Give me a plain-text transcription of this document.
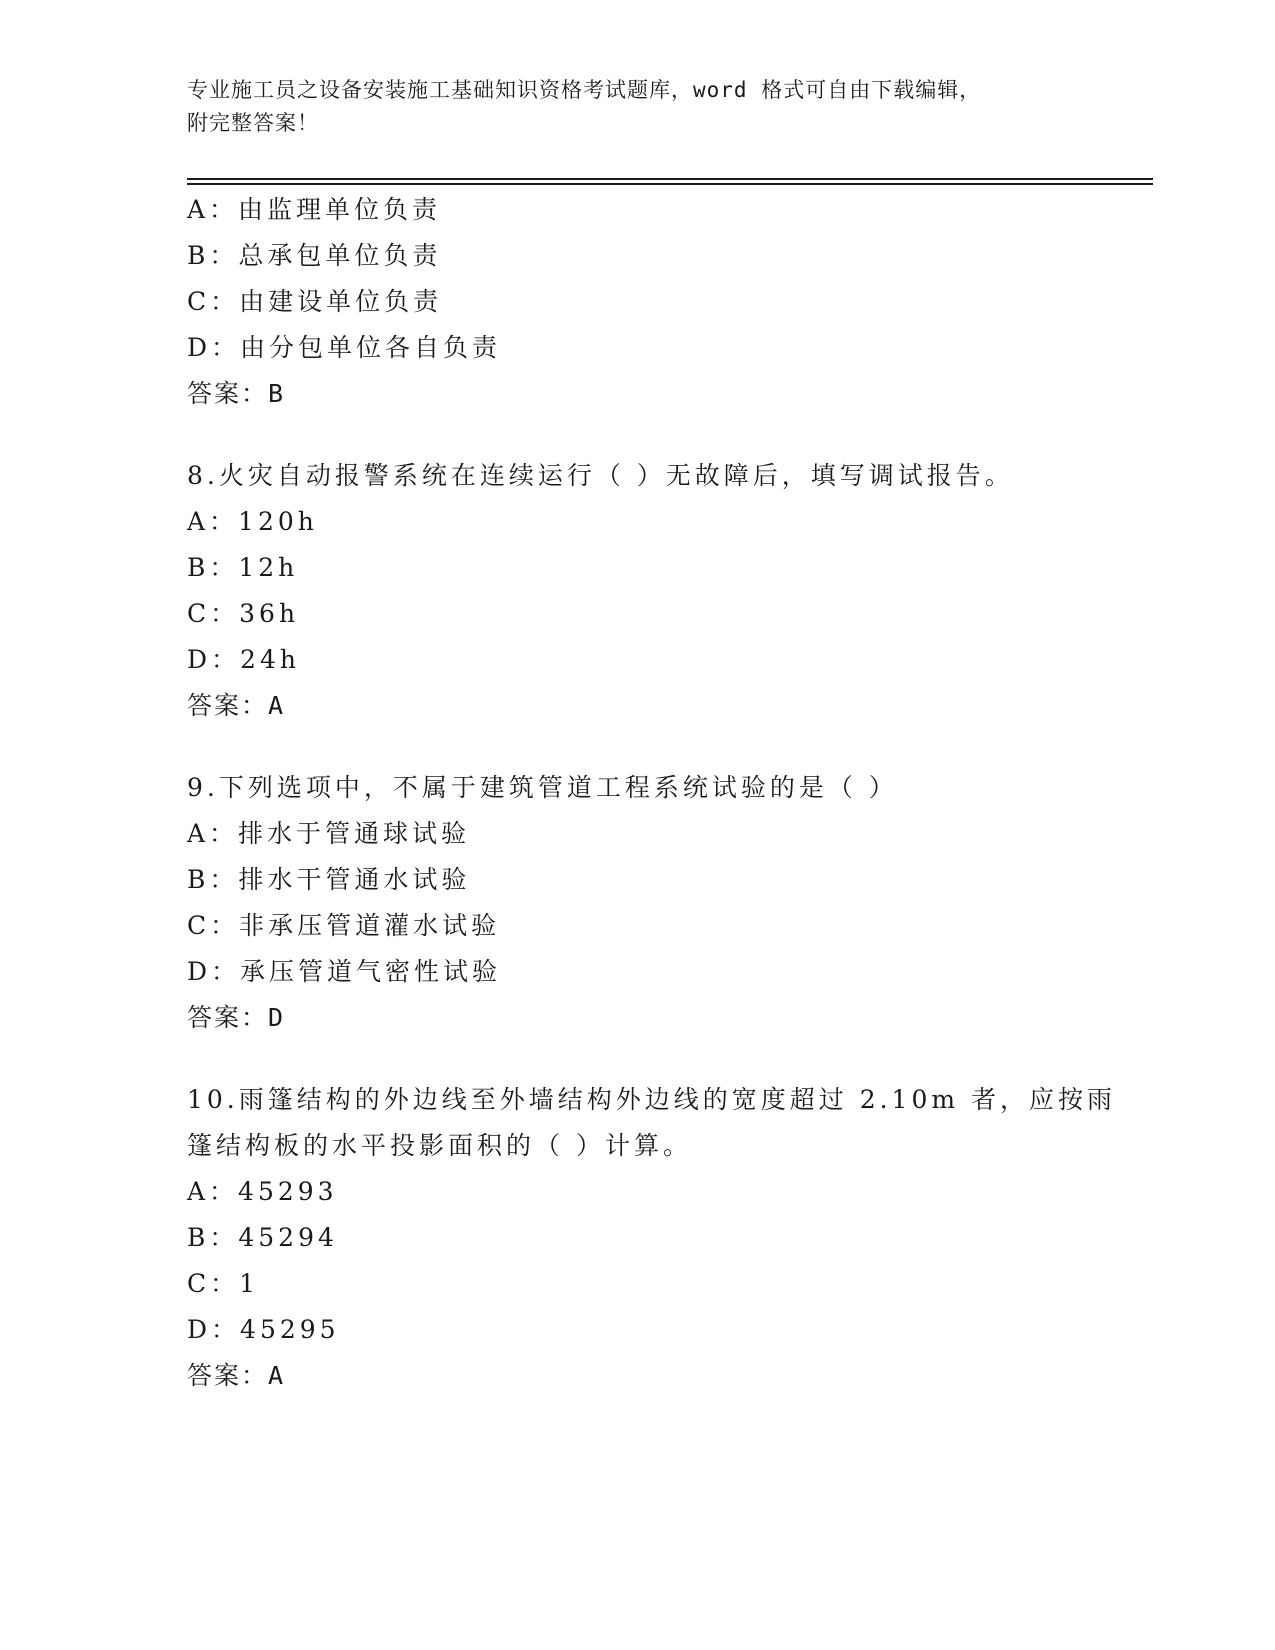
专业施工员之设备安装施工基础知识资格考试题库，word 格式可自由下载编辑，
附完整答案！
A：由监理单位负责
B：总承包单位负责
C：由建设单位负责
D：由分包单位各自负责
答案：B
8.火灾自动报警系统在连续运行（ ）无故障后，填写调试报告。
A：120h
B：12h
C：36h
D：24h
答案：A
9.下列选项中，不属于建筑管道工程系统试验的是（ ）
A：排水于管通球试验
B：排水干管通水试验
C：非承压管道灌水试验
D：承压管道气密性试验
答案：D
10.雨篷结构的外边线至外墙结构外边线的宽度超过 2.10m 者，应按雨
篷结构板的水平投影面积的（ ）计算。
A：45293
B：45294
C：1
D：45295
答案：A
